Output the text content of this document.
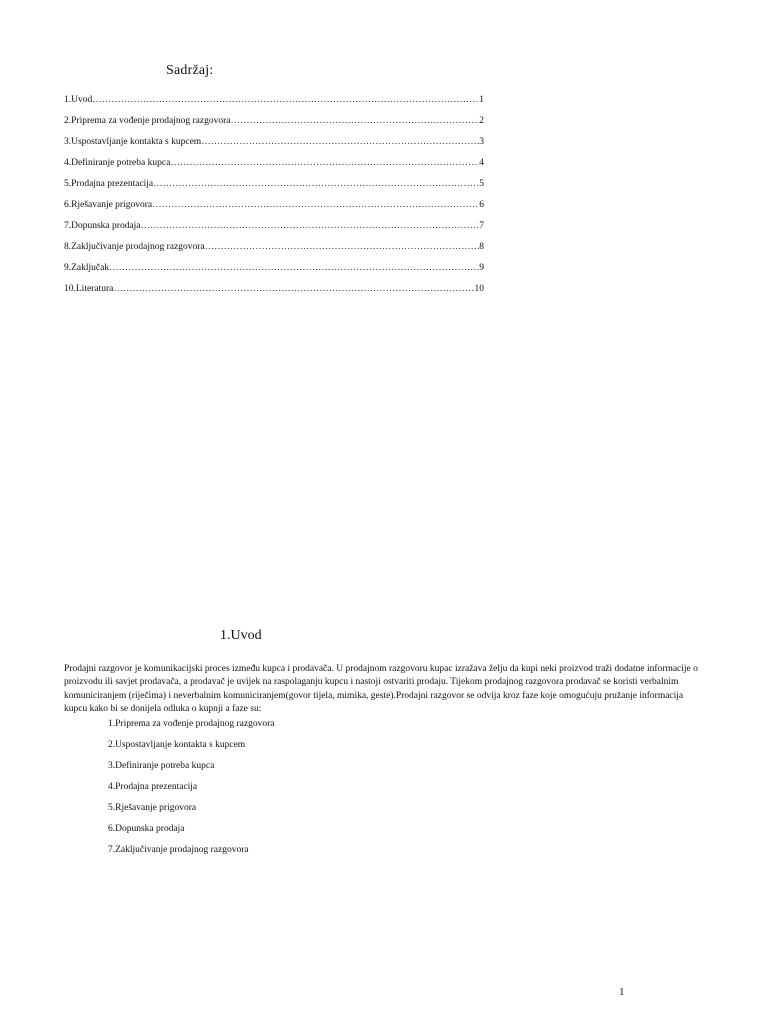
Sadržaj:
1.Uvod ………………………………………………………………………………………………………………………………………………………………………………………………	1
2.Priprema za vođenje prodajnog razgovora ………………………………………………………………………………………………………………………………………………………………………………………………	2
3.Uspostavljanje kontakta s kupcem ………………………………………………………………………………………………………………………………………………………………………………………………	3
4.Definiranje potreba kupca ………………………………………………………………………………………………………………………………………………………………………………………………	4
5.Prodajna prezentacija ………………………………………………………………………………………………………………………………………………………………………………………………	5
6.Rješavanje prigovora ………………………………………………………………………………………………………………………………………………………………………………………………	6
7.Dopunska prodaja ………………………………………………………………………………………………………………………………………………………………………………………………	7
8.Zaključivanje prodajnog razgovora ………………………………………………………………………………………………………………………………………………………………………………………………	8
9.Zaključak ………………………………………………………………………………………………………………………………………………………………………………………………	9
10.Literatura ………………………………………………………………………………………………………………………………………………………………………………………………	10
1.Uvod

Prodajni razgovor je komunikacijski proces između kupca i prodavača. U prodajnom razgovoru kupac izražava želju da kupi neki proizvod traži dodatne informacije o proizvodu ili savjet prodavača, a prodavač je uvijek na raspolaganju kupcu i nastoji ostvariti prodaju. Tijekom prodajnog razgovora prodavač se koristi verbalnim komuniciranjem (riječima) i neverbalnim komuniciranjem(govor tijela, mimika, geste).Prodajni razgovor se odvija kroz faze koje omogućuju pružanje informacija kupcu kako bi se donijela odluka o kupnji a faze su:

1.Priprema za vođenje prodajnog razgovora
2.Uspostavljanje kontakta s kupcem
3.Definiranje potreba kupca
4.Prodajna prezentacija
5.Rješavanje prigovora
6.Dopunska prodaja
7.Zaključivanje prodajnog razgovora
1
